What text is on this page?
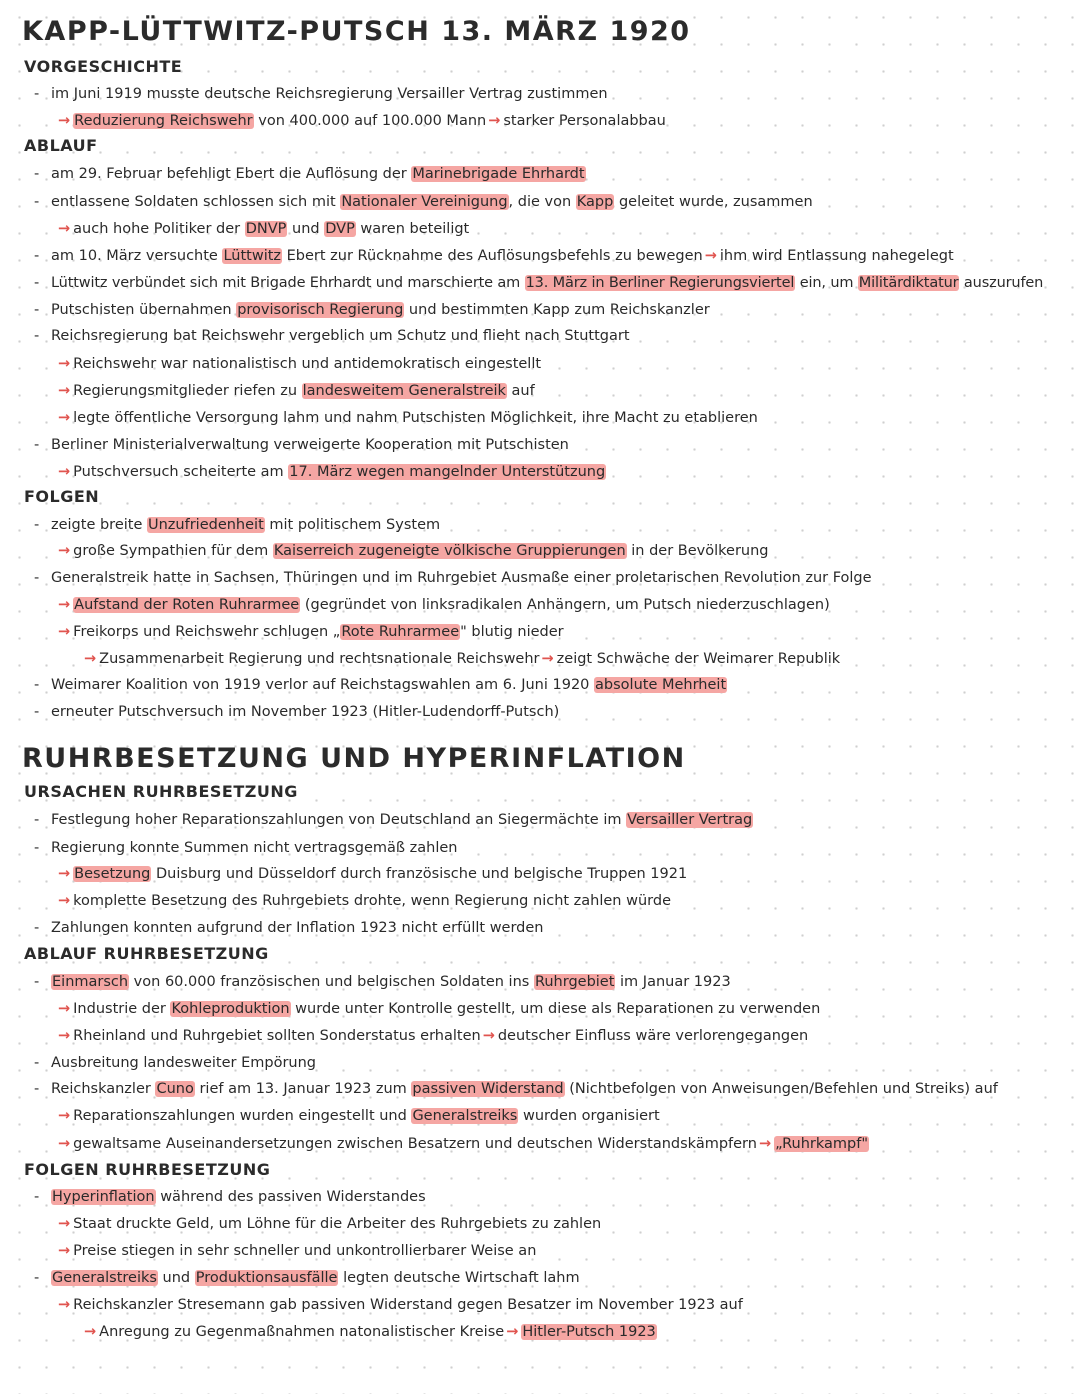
KAPP-LÜTTWITZ-PUTSCH 13. MÄRZ 1920
VORGESCHICHTE

- im Juni 1919 musste deutsche Reichsregierung Versailler Vertrag zustimmen

→ Reduzierung Reichswehr von 400.000 auf 100.000 Mann → starker Personalabbau

ABLAUF

- am 29. Februar befehligt Ebert die Auflösung der Marinebrigade Ehrhardt

- entlassene Soldaten schlossen sich mit Nationaler Vereinigung, die von Kapp geleitet wurde, zusammen

→ auch hohe Politiker der DNVP und DVP waren beteiligt

- am 10. März versuchte Lüttwitz Ebert zur Rücknahme des Auflösungsbefehls zu bewegen → ihm wird Entlassung nahegelegt

- Lüttwitz verbündet sich mit Brigade Ehrhardt und marschierte am 13. März in Berliner Regierungsviertel ein, um Militärdiktatur auszurufen

- Putschisten übernahmen provisorisch Regierung und bestimmten Kapp zum Reichskanzler

- Reichsregierung bat Reichswehr vergeblich um Schutz und flieht nach Stuttgart

→ Reichswehr war nationalistisch und antidemokratisch eingestellt

→ Regierungsmitglieder riefen zu landesweitem Generalstreik auf

→ legte öffentliche Versorgung lahm und nahm Putschisten Möglichkeit, ihre Macht zu etablieren

- Berliner Ministerialverwaltung verweigerte Kooperation mit Putschisten

→ Putschversuch scheiterte am 17. März wegen mangelnder Unterstützung

FOLGEN

- zeigte breite Unzufriedenheit mit politischem System

→ große Sympathien für dem Kaiserreich zugeneigte völkische Gruppierungen in der Bevölkerung

- Generalstreik hatte in Sachsen, Thüringen und im Ruhrgebiet Ausmaße einer proletarischen Revolution zur Folge

→ Aufstand der Roten Ruhrarmee (gegründet von linksradikalen Anhängern, um Putsch niederzuschlagen)

→ Freikorps und Reichswehr schlugen „Rote Ruhrarmee" blutig nieder

→ Zusammenarbeit Regierung und rechtsnationale Reichswehr → zeigt Schwäche der Weimarer Republik

- Weimarer Koalition von 1919 verlor auf Reichstagswahlen am 6. Juni 1920 absolute Mehrheit

- erneuter Putschversuch im November 1923 (Hitler-Ludendorff-Putsch)

RUHRBESETZUNG UND HYPERINFLATION
URSACHEN RUHRBESETZUNG

- Festlegung hoher Reparationszahlungen von Deutschland an Siegermächte im Versailler Vertrag

- Regierung konnte Summen nicht vertragsgemäß zahlen

→ Besetzung Duisburg und Düsseldorf durch französische und belgische Truppen 1921

→ komplette Besetzung des Ruhrgebiets drohte, wenn Regierung nicht zahlen würde

- Zahlungen konnten aufgrund der Inflation 1923 nicht erfüllt werden

ABLAUF RUHRBESETZUNG

- Einmarsch von 60.000 französischen und belgischen Soldaten ins Ruhrgebiet im Januar 1923

→ Industrie der Kohleproduktion wurde unter Kontrolle gestellt, um diese als Reparationen zu verwenden

→ Rheinland und Ruhrgebiet sollten Sonderstatus erhalten → deutscher Einfluss wäre verlorengegangen

- Ausbreitung landesweiter Empörung

- Reichskanzler Cuno rief am 13. Januar 1923 zum passiven Widerstand (Nichtbefolgen von Anweisungen/Befehlen und Streiks) auf

→ Reparationszahlungen wurden eingestellt und Generalstreiks wurden organisiert

→ gewaltsame Auseinandersetzungen zwischen Besatzern und deutschen Widerstandskämpfern → „Ruhrkampf"

FOLGEN RUHRBESETZUNG

- Hyperinflation während des passiven Widerstandes

→ Staat druckte Geld, um Löhne für die Arbeiter des Ruhrgebiets zu zahlen

→ Preise stiegen in sehr schneller und unkontrollierbarer Weise an

- Generalstreiks und Produktionsausfälle legten deutsche Wirtschaft lahm

→ Reichskanzler Stresemann gab passiven Widerstand gegen Besatzer im November 1923 auf

→ Anregung zu Gegenmaßnahmen natonalistischer Kreise → Hitler-Putsch 1923
